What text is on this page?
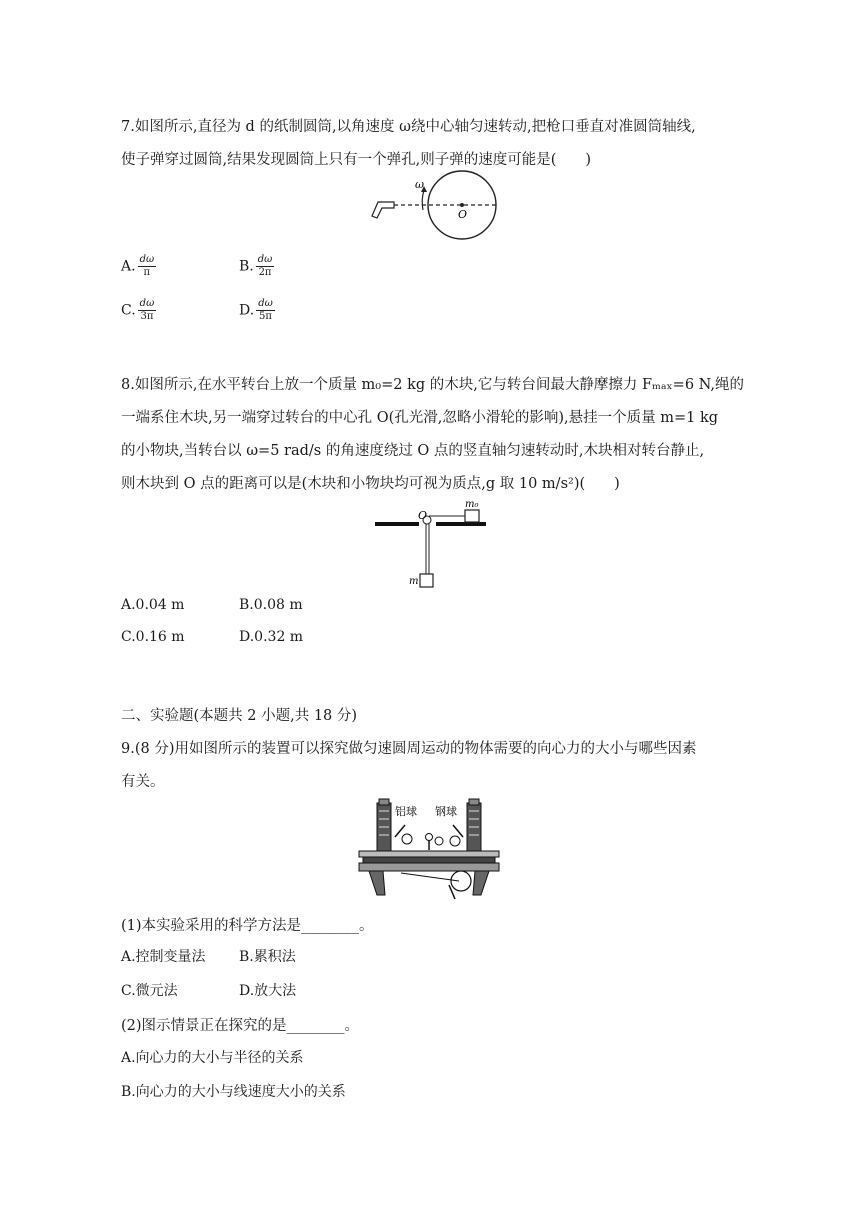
7.如图所示,直径为 d 的纸制圆筒,以角速度 ω绕中心轴匀速转动,把枪口垂直对准圆筒轴线,
使子弹穿过圆筒,结果发现圆筒上只有一个弹孔,则子弹的速度可能是(　　)
ω
O
A. $\frac{d\omega}{\pi}$	B. $\frac{d\omega}{2\pi}$
C. $\frac{d\omega}{3\pi}$	D. $\frac{d\omega}{5\pi}$
8.如图所示,在水平转台上放一个质量 m₀=2 kg 的木块,它与转台间最大静摩擦力 Fₘₐₓ=6 N,绳的
一端系住木块,另一端穿过转台的中心孔 O(孔光滑,忽略小滑轮的影响),悬挂一个质量 m=1 kg
的小物块,当转台以 ω=5 rad/s 的角速度绕过 O 点的竖直轴匀速转动时,木块相对转台静止,
则木块到 O 点的距离可以是(木块和小物块均可视为质点,g 取 10 m/s²)(　　)
O
m₀
m
A.0.04 m	B.0.08 m
C.0.16 m	D.0.32 m
二、实验题(本题共 2 小题,共 18 分)
9.(8 分)用如图所示的装置可以探究做匀速圆周运动的物体需要的向心力的大小与哪些因素
有关。
铝球 钢球
(1)本实验采用的科学方法是________。
A.控制变量法 B.累积法
C.微元法	D.放大法
(2)图示情景正在探究的是________。
A.向心力的大小与半径的关系
B.向心力的大小与线速度大小的关系
